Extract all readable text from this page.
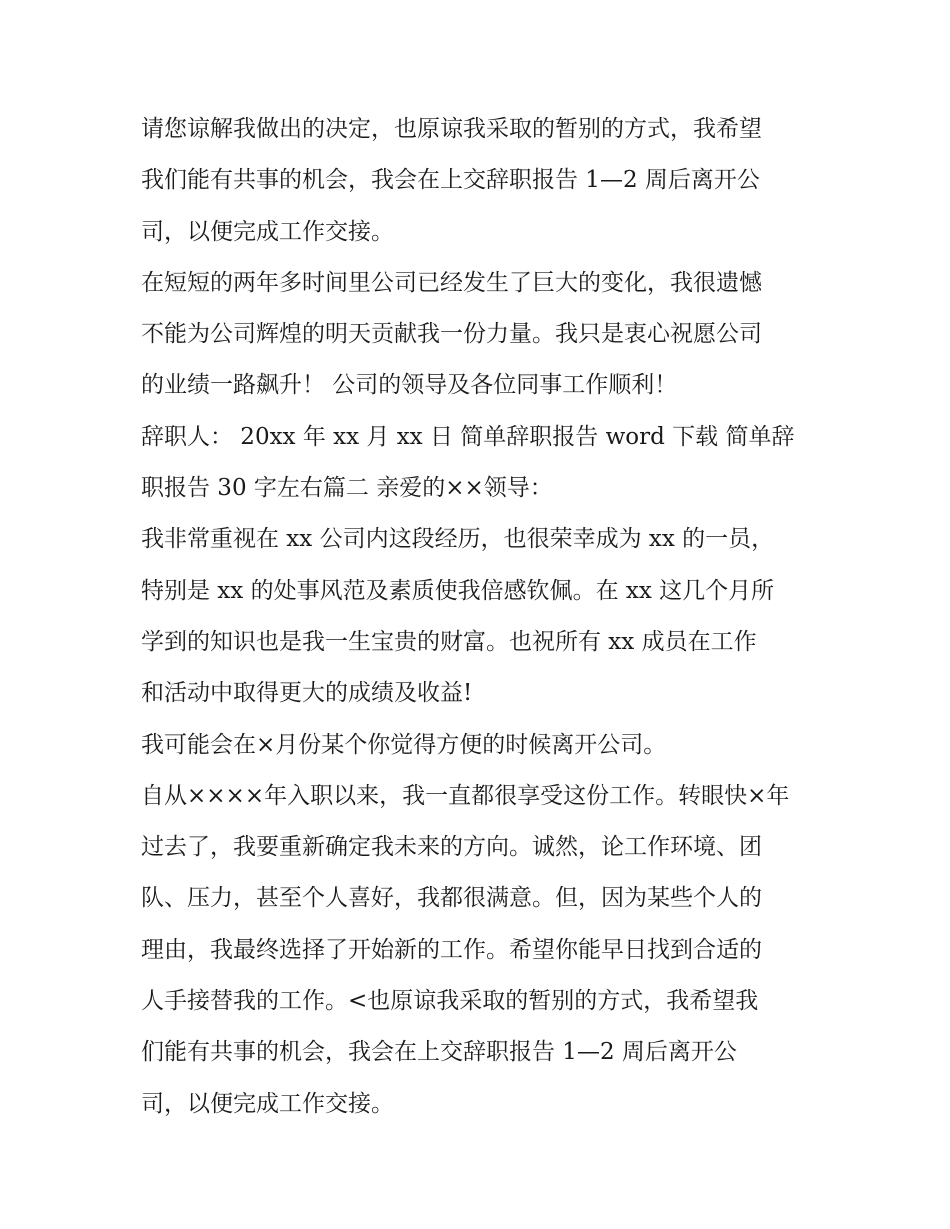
请您谅解我做出的决定，也原谅我采取的暂别的方式，我希望
我们能有共事的机会，我会在上交辞职报告 1—2 周后离开公
司，以便完成工作交接。
在短短的两年多时间里公司已经发生了巨大的变化，我很遗憾
不能为公司辉煌的明天贡献我一份力量。我只是衷心祝愿公司
的业绩一路飙升！ 公司的领导及各位同事工作顺利！
辞职人： 20xx 年 xx 月 xx 日 简单辞职报告 word 下载 简单辞
职报告 30 字左右篇二 亲爱的××领导：
我非常重视在 xx 公司内这段经历，也很荣幸成为 xx 的一员，
特别是 xx 的处事风范及素质使我倍感钦佩。在 xx 这几个月所
学到的知识也是我一生宝贵的财富。也祝所有 xx 成员在工作
和活动中取得更大的成绩及收益!
我可能会在×月份某个你觉得方便的时候离开公司。
自从××××年入职以来，我一直都很享受这份工作。转眼快×年
过去了，我要重新确定我未来的方向。诚然，论工作环境、团
队、压力，甚至个人喜好，我都很满意。但，因为某些个人的
理由，我最终选择了开始新的工作。希望你能早日找到合适的
人手接替我的工作。<也原谅我采取的暂别的方式，我希望我
们能有共事的机会，我会在上交辞职报告 1—2 周后离开公
司，以便完成工作交接。
